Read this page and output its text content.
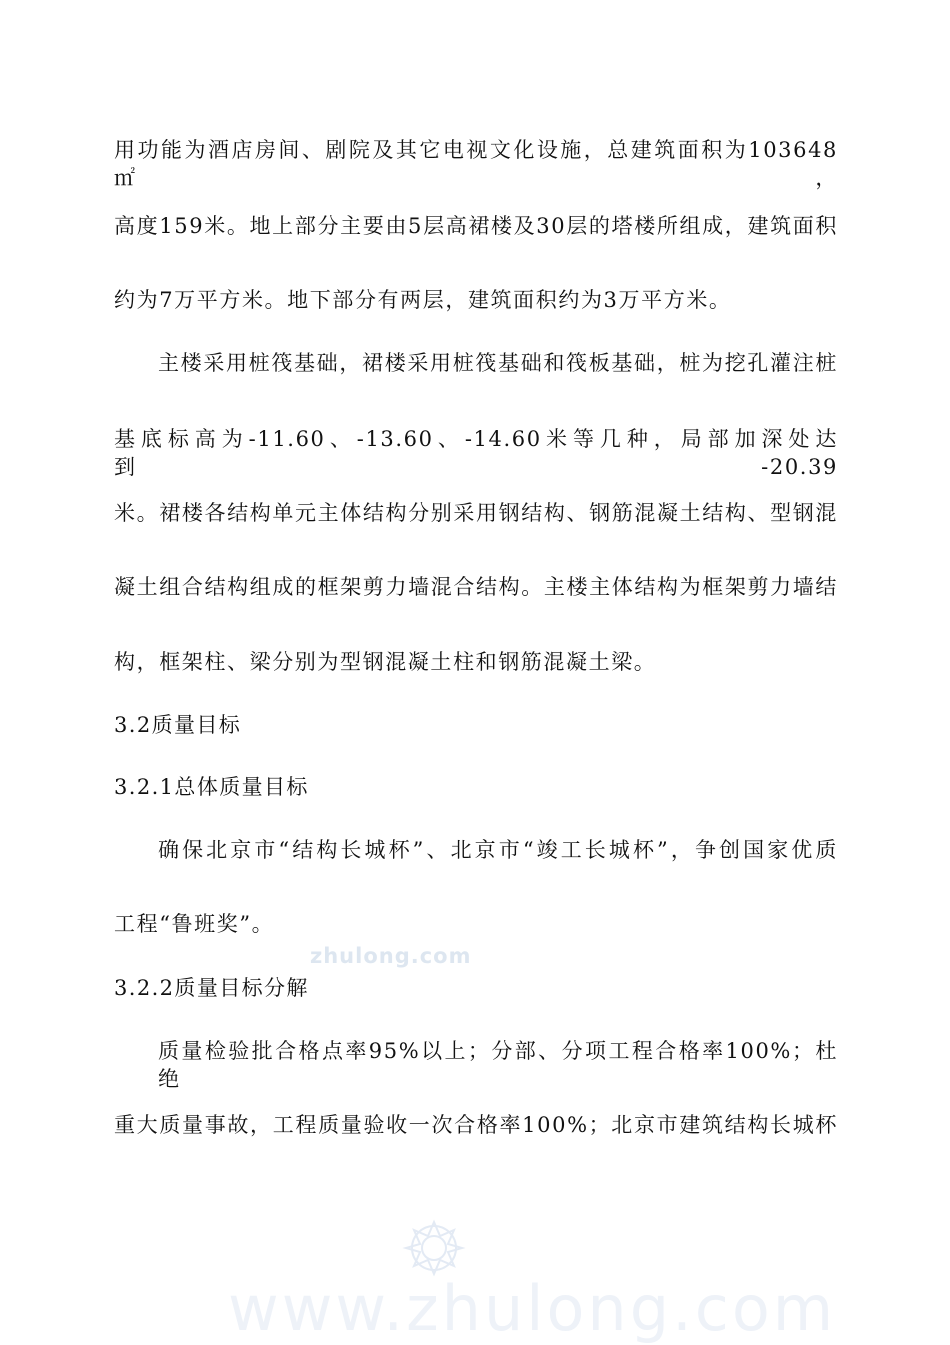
用功能为酒店房间、剧院及其它电视文化设施，总建筑面积为103648㎡，
高度159米。地上部分主要由5层高裙楼及30层的塔楼所组成，建筑面积
约为7万平方米。地下部分有两层，建筑面积约为3万平方米。
主楼采用桩筏基础，裙楼采用桩筏基础和筏板基础，桩为挖孔灌注桩
基底标高为-11.60、-13.60、-14.60米等几种，局部加深处达到-20.39
米。裙楼各结构单元主体结构分别采用钢结构、钢筋混凝土结构、型钢混
凝土组合结构组成的框架剪力墙混合结构。主楼主体结构为框架剪力墙结
构，框架柱、梁分别为型钢混凝土柱和钢筋混凝土梁。
3.2质量目标
3.2.1总体质量目标
确保北京市“结构长城杯”、北京市“竣工长城杯”，争创国家优质
工程“鲁班奖”。
3.2.2质量目标分解
质量检验批合格点率95%以上；分部、分项工程合格率100%；杜绝
重大质量事故，工程质量验收一次合格率100%；北京市建筑结构长城杯
zhulong.com
www.zhulong.com
